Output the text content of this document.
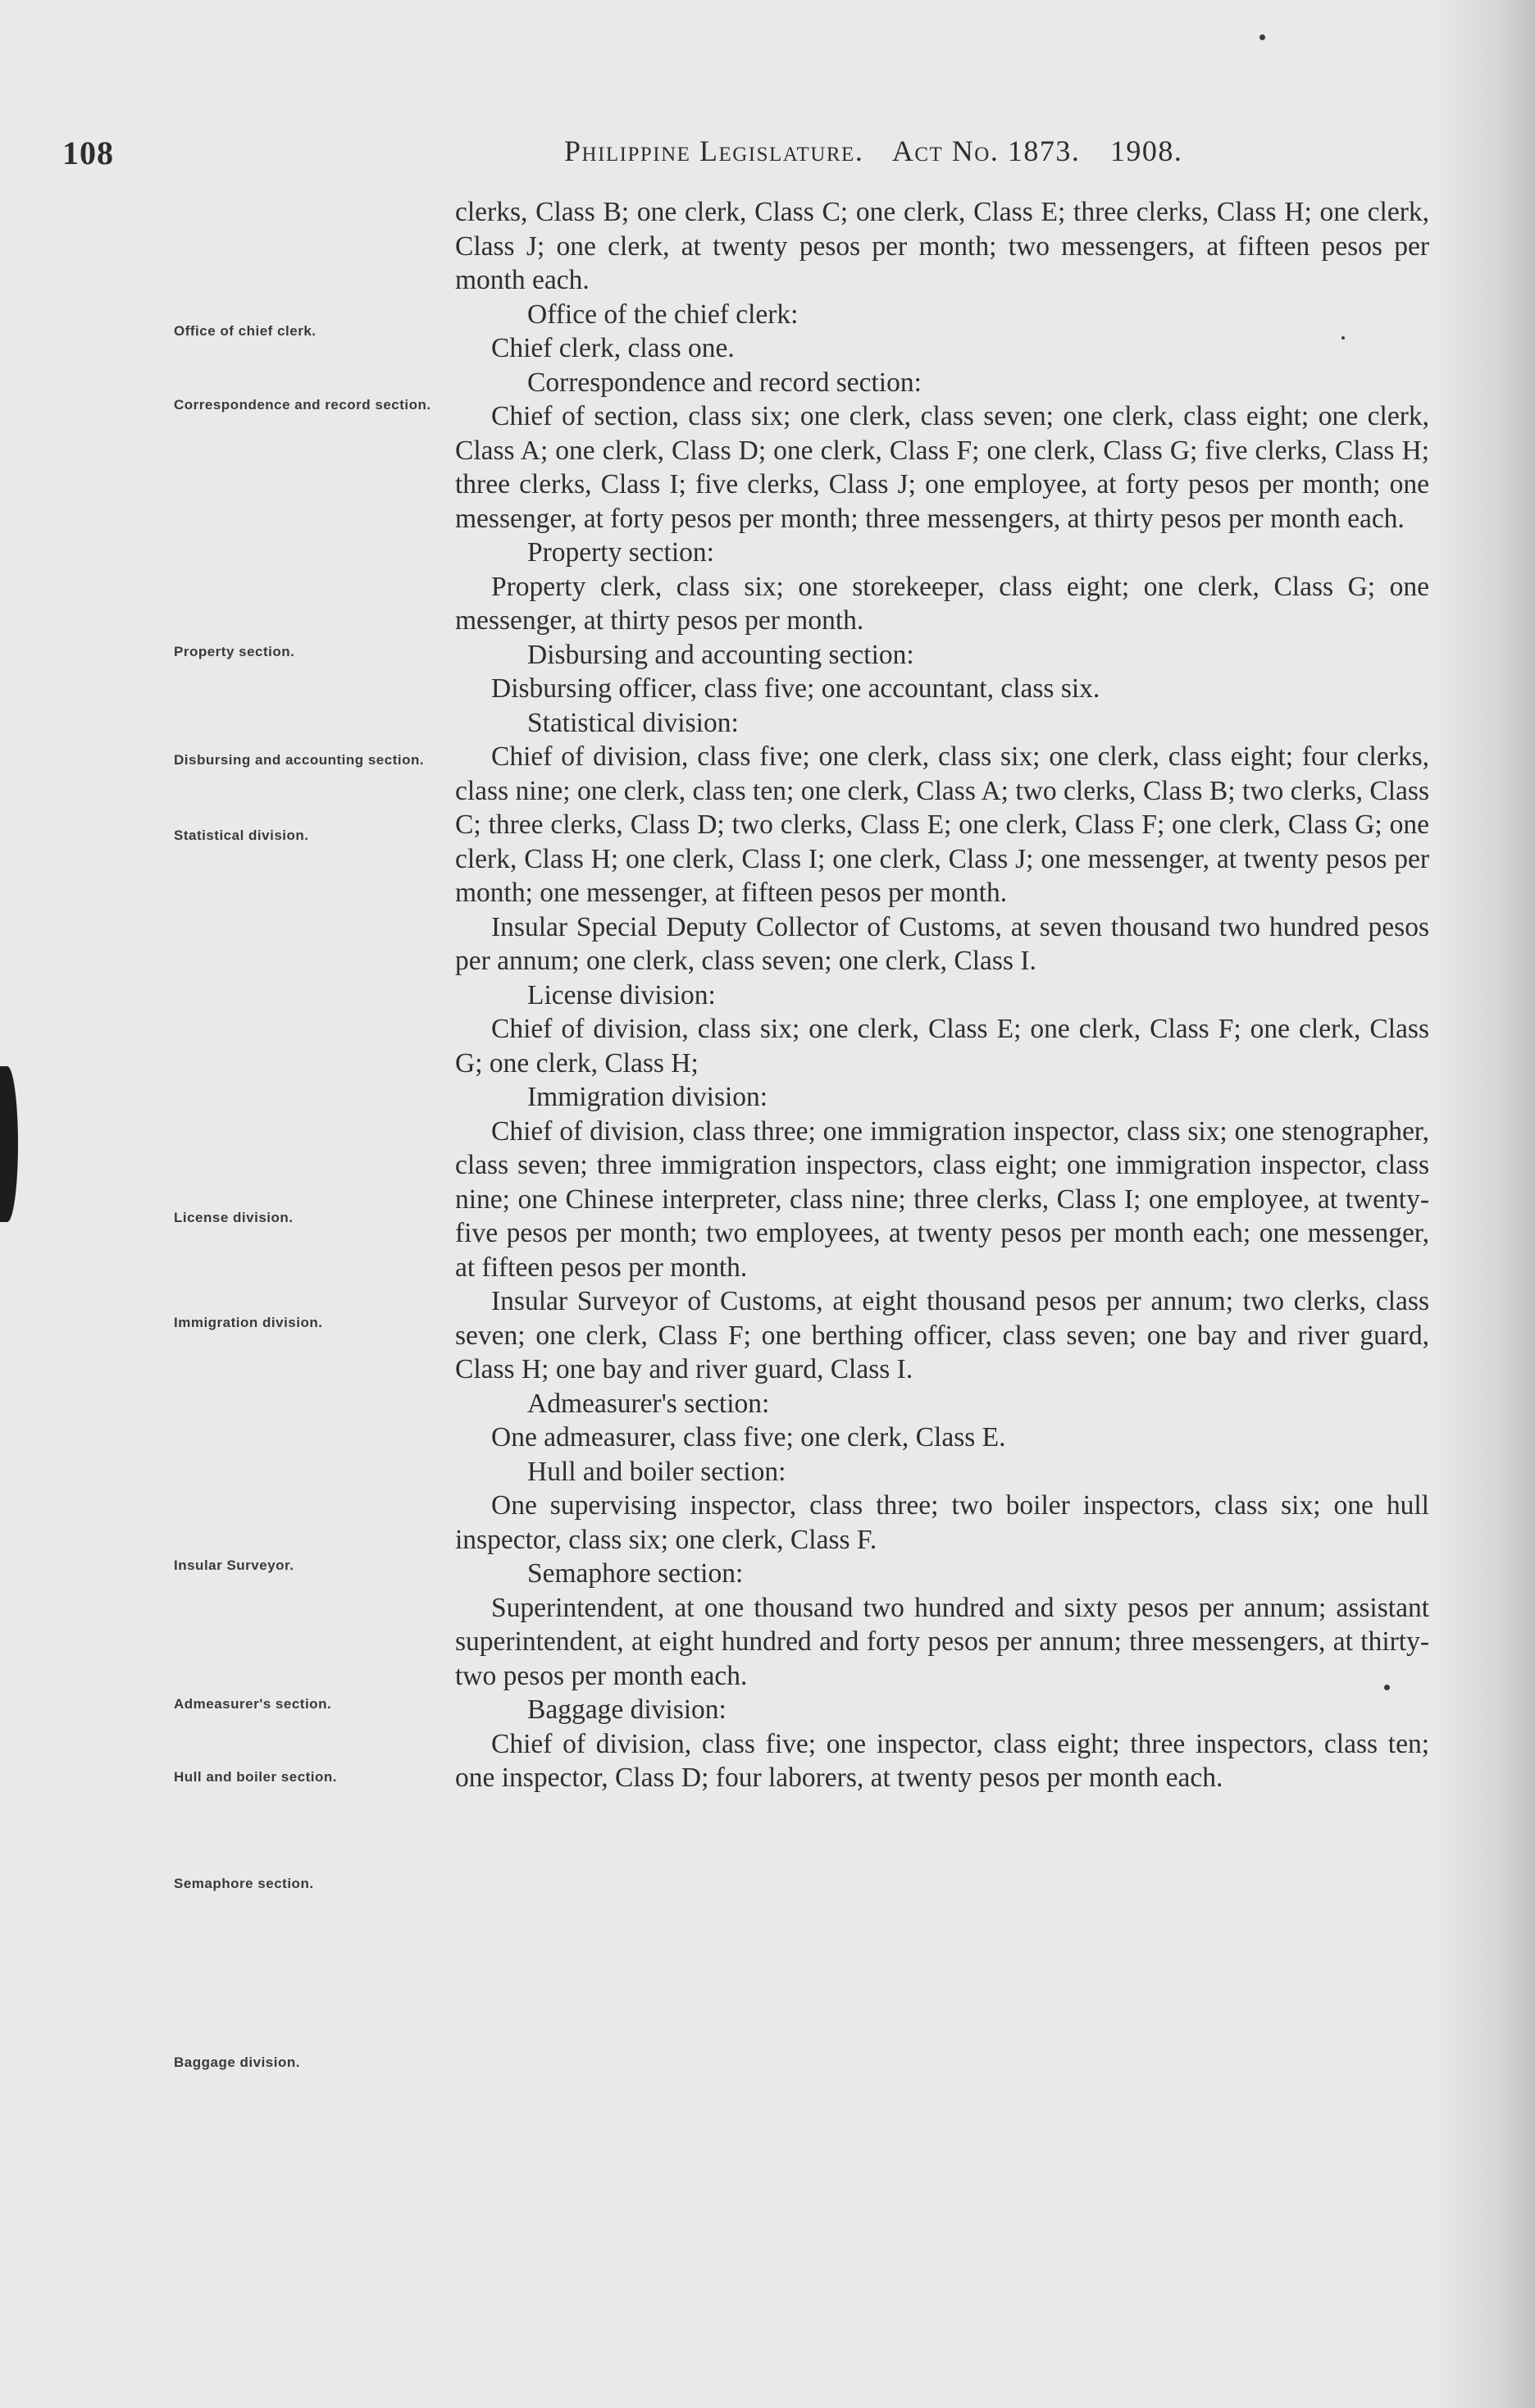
108	Philippine Legislature. Act No. 1873. 1908.
Office of chief clerk.
Correspondence and record section.
Property section.
Disbursing and accounting section.
Statistical division.
License division.
Immigration division.
Insular Surveyor.
Admeasurer's section.
Hull and boiler section.
Semaphore section.
Baggage division.

clerks, Class B; one clerk, Class C; one clerk, Class E; three clerks, Class H; one clerk, Class J; one clerk, at twenty pesos per month; two messengers, at fifteen pesos per month each.

Office of the chief clerk:

Chief clerk, class one.

Correspondence and record section:

Chief of section, class six; one clerk, class seven; one clerk, class eight; one clerk, Class A; one clerk, Class D; one clerk, Class F; one clerk, Class G; five clerks, Class H; three clerks, Class I; five clerks, Class J; one employee, at forty pesos per month; one messenger, at forty pesos per month; three messengers, at thirty pesos per month each.

Property section:

Property clerk, class six; one storekeeper, class eight; one clerk, Class G; one messenger, at thirty pesos per month.

Disbursing and accounting section:

Disbursing officer, class five; one accountant, class six.

Statistical division:

Chief of division, class five; one clerk, class six; one clerk, class eight; four clerks, class nine; one clerk, class ten; one clerk, Class A; two clerks, Class B; two clerks, Class C; three clerks, Class D; two clerks, Class E; one clerk, Class F; one clerk, Class G; one clerk, Class H; one clerk, Class I; one clerk, Class J; one messenger, at twenty pesos per month; one messenger, at fifteen pesos per month.

Insular Special Deputy Collector of Customs, at seven thousand two hundred pesos per annum; one clerk, class seven; one clerk, Class I.

License division:

Chief of division, class six; one clerk, Class E; one clerk, Class F; one clerk, Class G; one clerk, Class H;

Immigration division:

Chief of division, class three; one immigration inspector, class six; one stenographer, class seven; three immigration inspectors, class eight; one immigration inspector, class nine; one Chinese interpreter, class nine; three clerks, Class I; one employee, at twenty-five pesos per month; two employees, at twenty pesos per month each; one messenger, at fifteen pesos per month.

Insular Surveyor of Customs, at eight thousand pesos per annum; two clerks, class seven; one clerk, Class F; one berthing officer, class seven; one bay and river guard, Class H; one bay and river guard, Class I.

Admeasurer's section:

One admeasurer, class five; one clerk, Class E.

Hull and boiler section:

One supervising inspector, class three; two boiler inspectors, class six; one hull inspector, class six; one clerk, Class F.

Semaphore section:

Superintendent, at one thousand two hundred and sixty pesos per annum; assistant superintendent, at eight hundred and forty pesos per annum; three messengers, at thirty-two pesos per month each.

Baggage division:

Chief of division, class five; one inspector, class eight; three inspectors, class ten; one inspector, Class D; four laborers, at twenty pesos per month each.
